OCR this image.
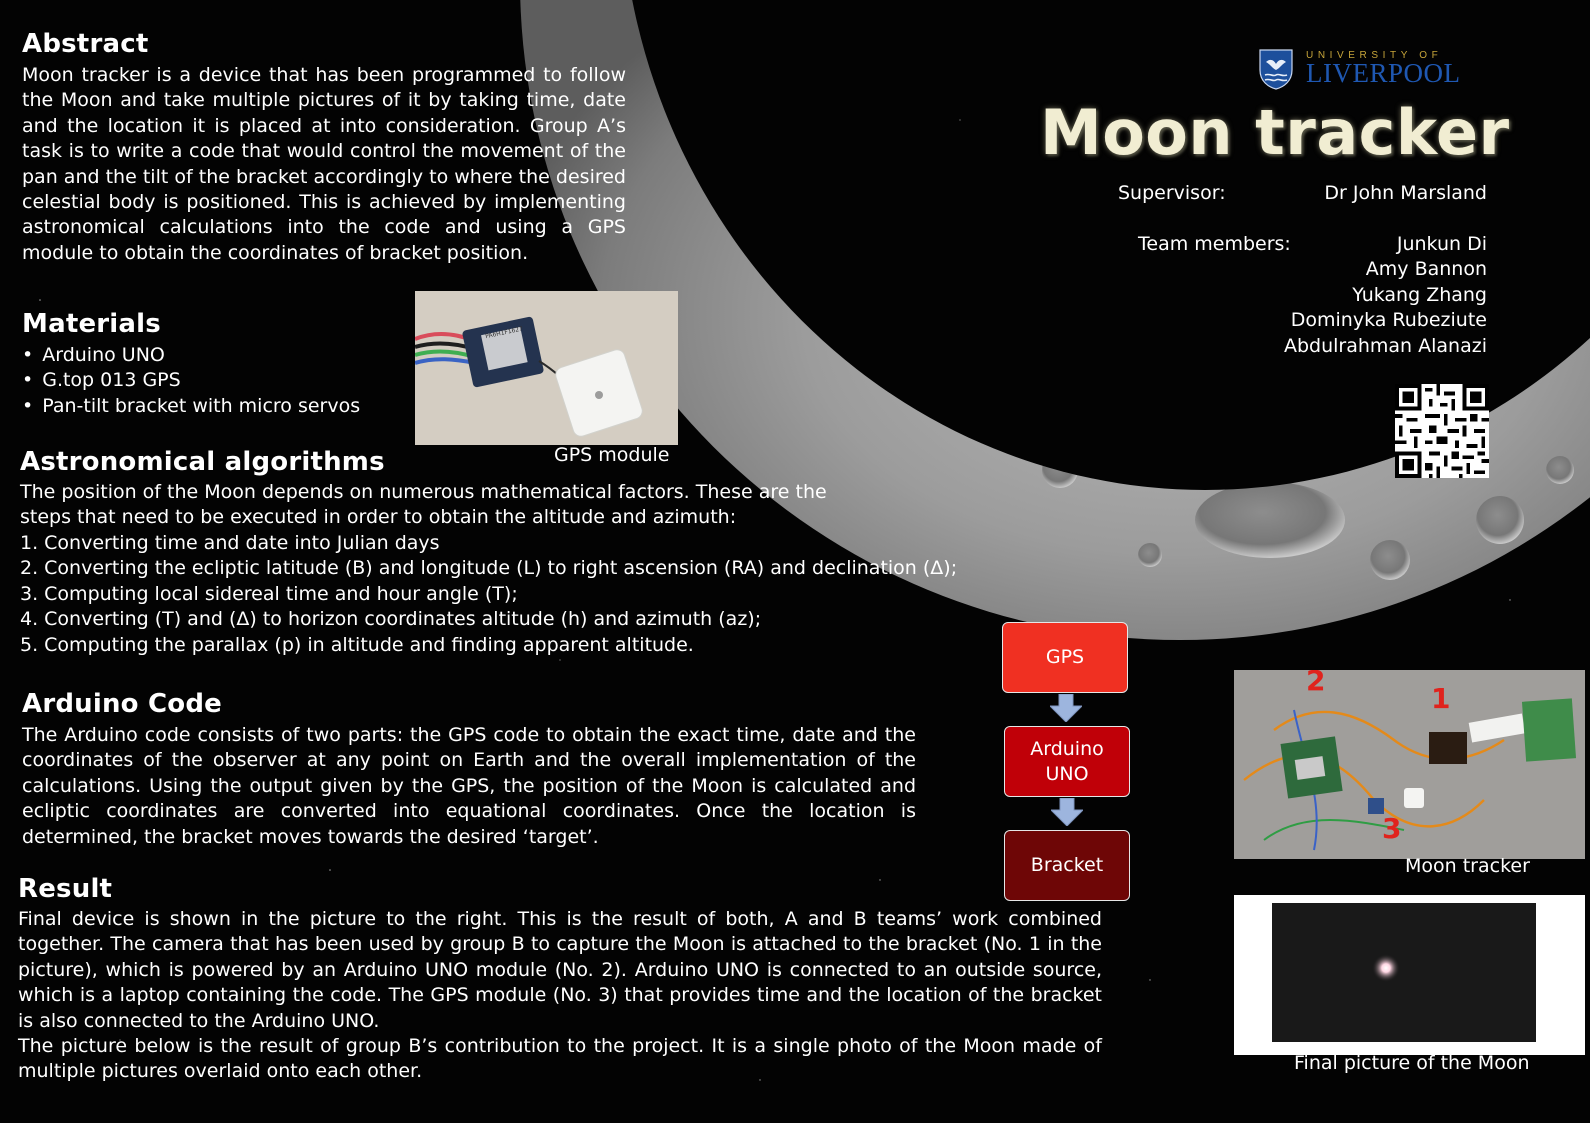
UNIVERSITY OF
LIVERPOOL
Moon tracker
Supervisor:	Dr John Marsland
Team members:	Junkun Di
Amy Bannon
Yukang Zhang
Dominyka Rubeziute
Abdulrahman Alanazi
Abstract

Moon tracker is a device that has been programmed to follow the Moon and take multiple pictures of it by taking time, date and the location it is placed at into consideration. Group A’s task is to write a code that would control the movement of the pan and the tilt of the bracket accordingly to where the desired celestial body is positioned. This is achieved by implementing astronomical calculations into the code and using a GPS module to obtain the coordinates of bracket position.

Materials
• Arduino UNO
• G.top 013 GPS
• Pan-tilt bracket with micro servos
PA6H1F1627
GPS module
Astronomical algorithms

The position of the Moon depends on numerous mathematical factors. These are the steps that need to be executed in order to obtain the altitude and azimuth:

1. Converting time and date into Julian days
2. Converting the ecliptic latitude (B) and longitude (L) to right ascension (RA) and declination (Δ);
3. Computing local sidereal time and hour angle (T);
4. Converting (T) and (Δ) to horizon coordinates altitude (h) and azimuth (az);
5. Computing the parallax (p) in altitude and finding apparent altitude.
Arduino Code

The Arduino code consists of two parts: the GPS code to obtain the exact time, date and the coordinates of the observer at any point on Earth and the overall implementation of the calculations. Using the output given by the GPS, the position of the Moon is calculated and ecliptic coordinates are converted into equational coordinates. Once the location is determined, the bracket moves towards the desired ‘target’.

GPS
Arduino
UNO
Bracket
2
1
3
Moon tracker
Final picture of the Moon
Result

Final device is shown in the picture to the right. This is the result of both, A and B teams’ work combined together. The camera that has been used by group B to capture the Moon is attached to the bracket (No. 1 in the picture), which is powered by an Arduino UNO module (No. 2). Arduino UNO is connected to an outside source, which is a laptop containing the code. The GPS module (No. 3) that provides time and the location of the bracket is also connected to the Arduino UNO.

The picture below is the result of group B’s contribution to the project. It is a single photo of the Moon made of multiple pictures overlaid onto each other.
